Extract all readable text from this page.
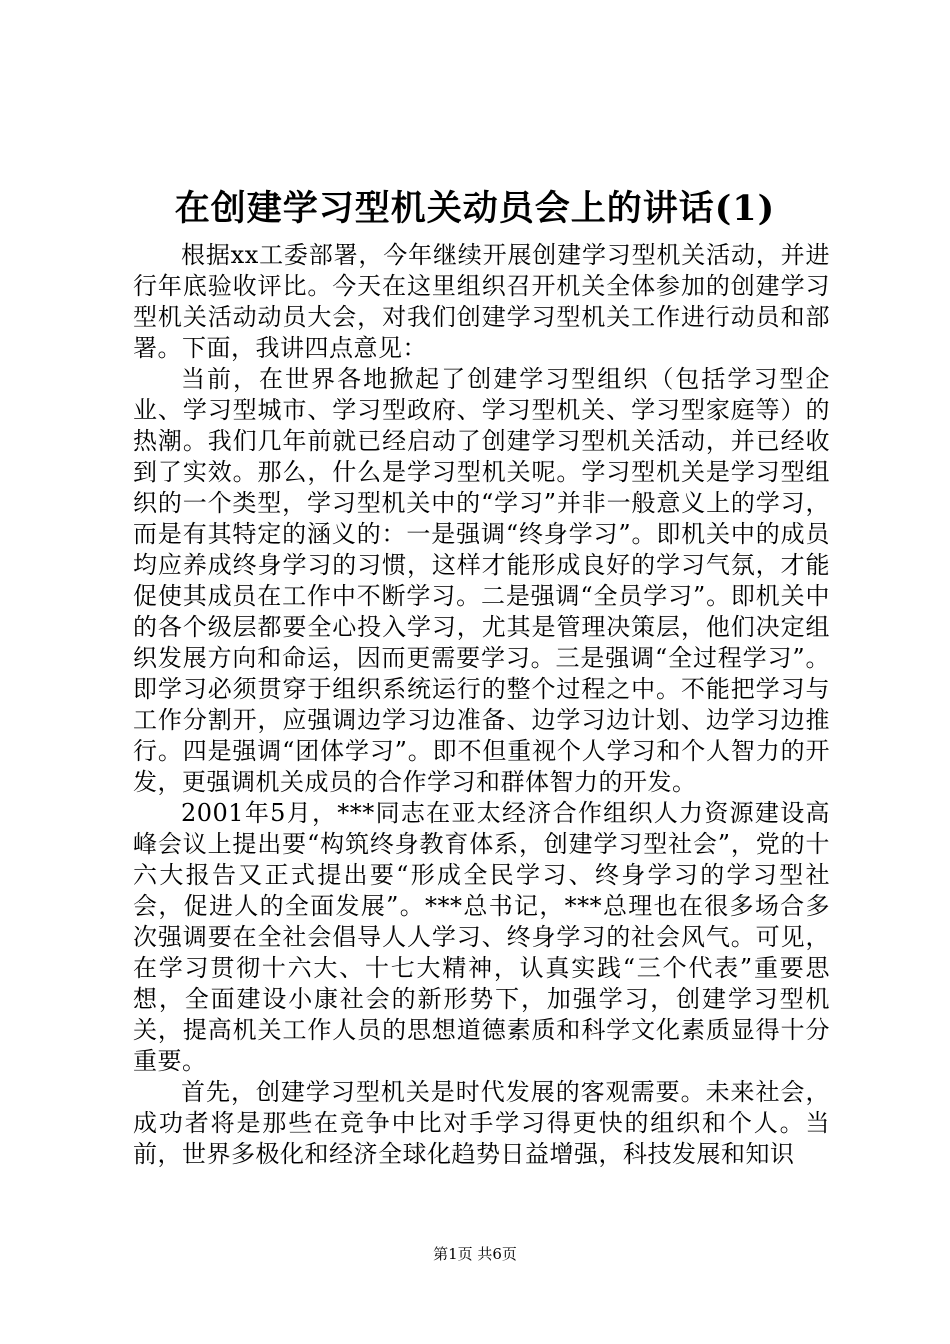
在创建学习型机关动员会上的讲话(1)

根据xx工委部署，今年继续开展创建学习型机关活动，并进行年底验收评比。今天在这里组织召开机关全体参加的创建学习型机关活动动员大会，对我们创建学习型机关工作进行动员和部署。下面，我讲四点意见：

当前，在世界各地掀起了创建学习型组织（包括学习型企业、学习型城市、学习型政府、学习型机关、学习型家庭等）的热潮。我们几年前就已经启动了创建学习型机关活动，并已经收到了实效。那么，什么是学习型机关呢。学习型机关是学习型组织的一个类型，学习型机关中的“学习”并非一般意义上的学习，而是有其特定的涵义的：一是强调“终身学习”。即机关中的成员均应养成终身学习的习惯，这样才能形成良好的学习气氛，才能促使其成员在工作中不断学习。二是强调“全员学习”。即机关中的各个级层都要全心投入学习，尤其是管理决策层，他们决定组织发展方向和命运，因而更需要学习。三是强调“全过程学习”。即学习必须贯穿于组织系统运行的整个过程之中。不能把学习与工作分割开，应强调边学习边准备、边学习边计划、边学习边推行。四是强调“团体学习”。即不但重视个人学习和个人智力的开发，更强调机关成员的合作学习和群体智力的开发。

2001年5月，***同志在亚太经济合作组织人力资源建设高峰会议上提出要“构筑终身教育体系，创建学习型社会”，党的十六大报告又正式提出要“形成全民学习、终身学习的学习型社会，促进人的全面发展”。***总书记，***总理也在很多场合多次强调要在全社会倡导人人学习、终身学习的社会风气。可见，在学习贯彻十六大、十七大精神，认真实践“三个代表”重要思想，全面建设小康社会的新形势下，加强学习，创建学习型机关，提高机关工作人员的思想道德素质和科学文化素质显得十分重要。

首先，创建学习型机关是时代发展的客观需要。未来社会，成功者将是那些在竞争中比对手学习得更快的组织和个人。当前，世界多极化和经济全球化趋势日益增强，科技发展和知识

第1页 共6页
